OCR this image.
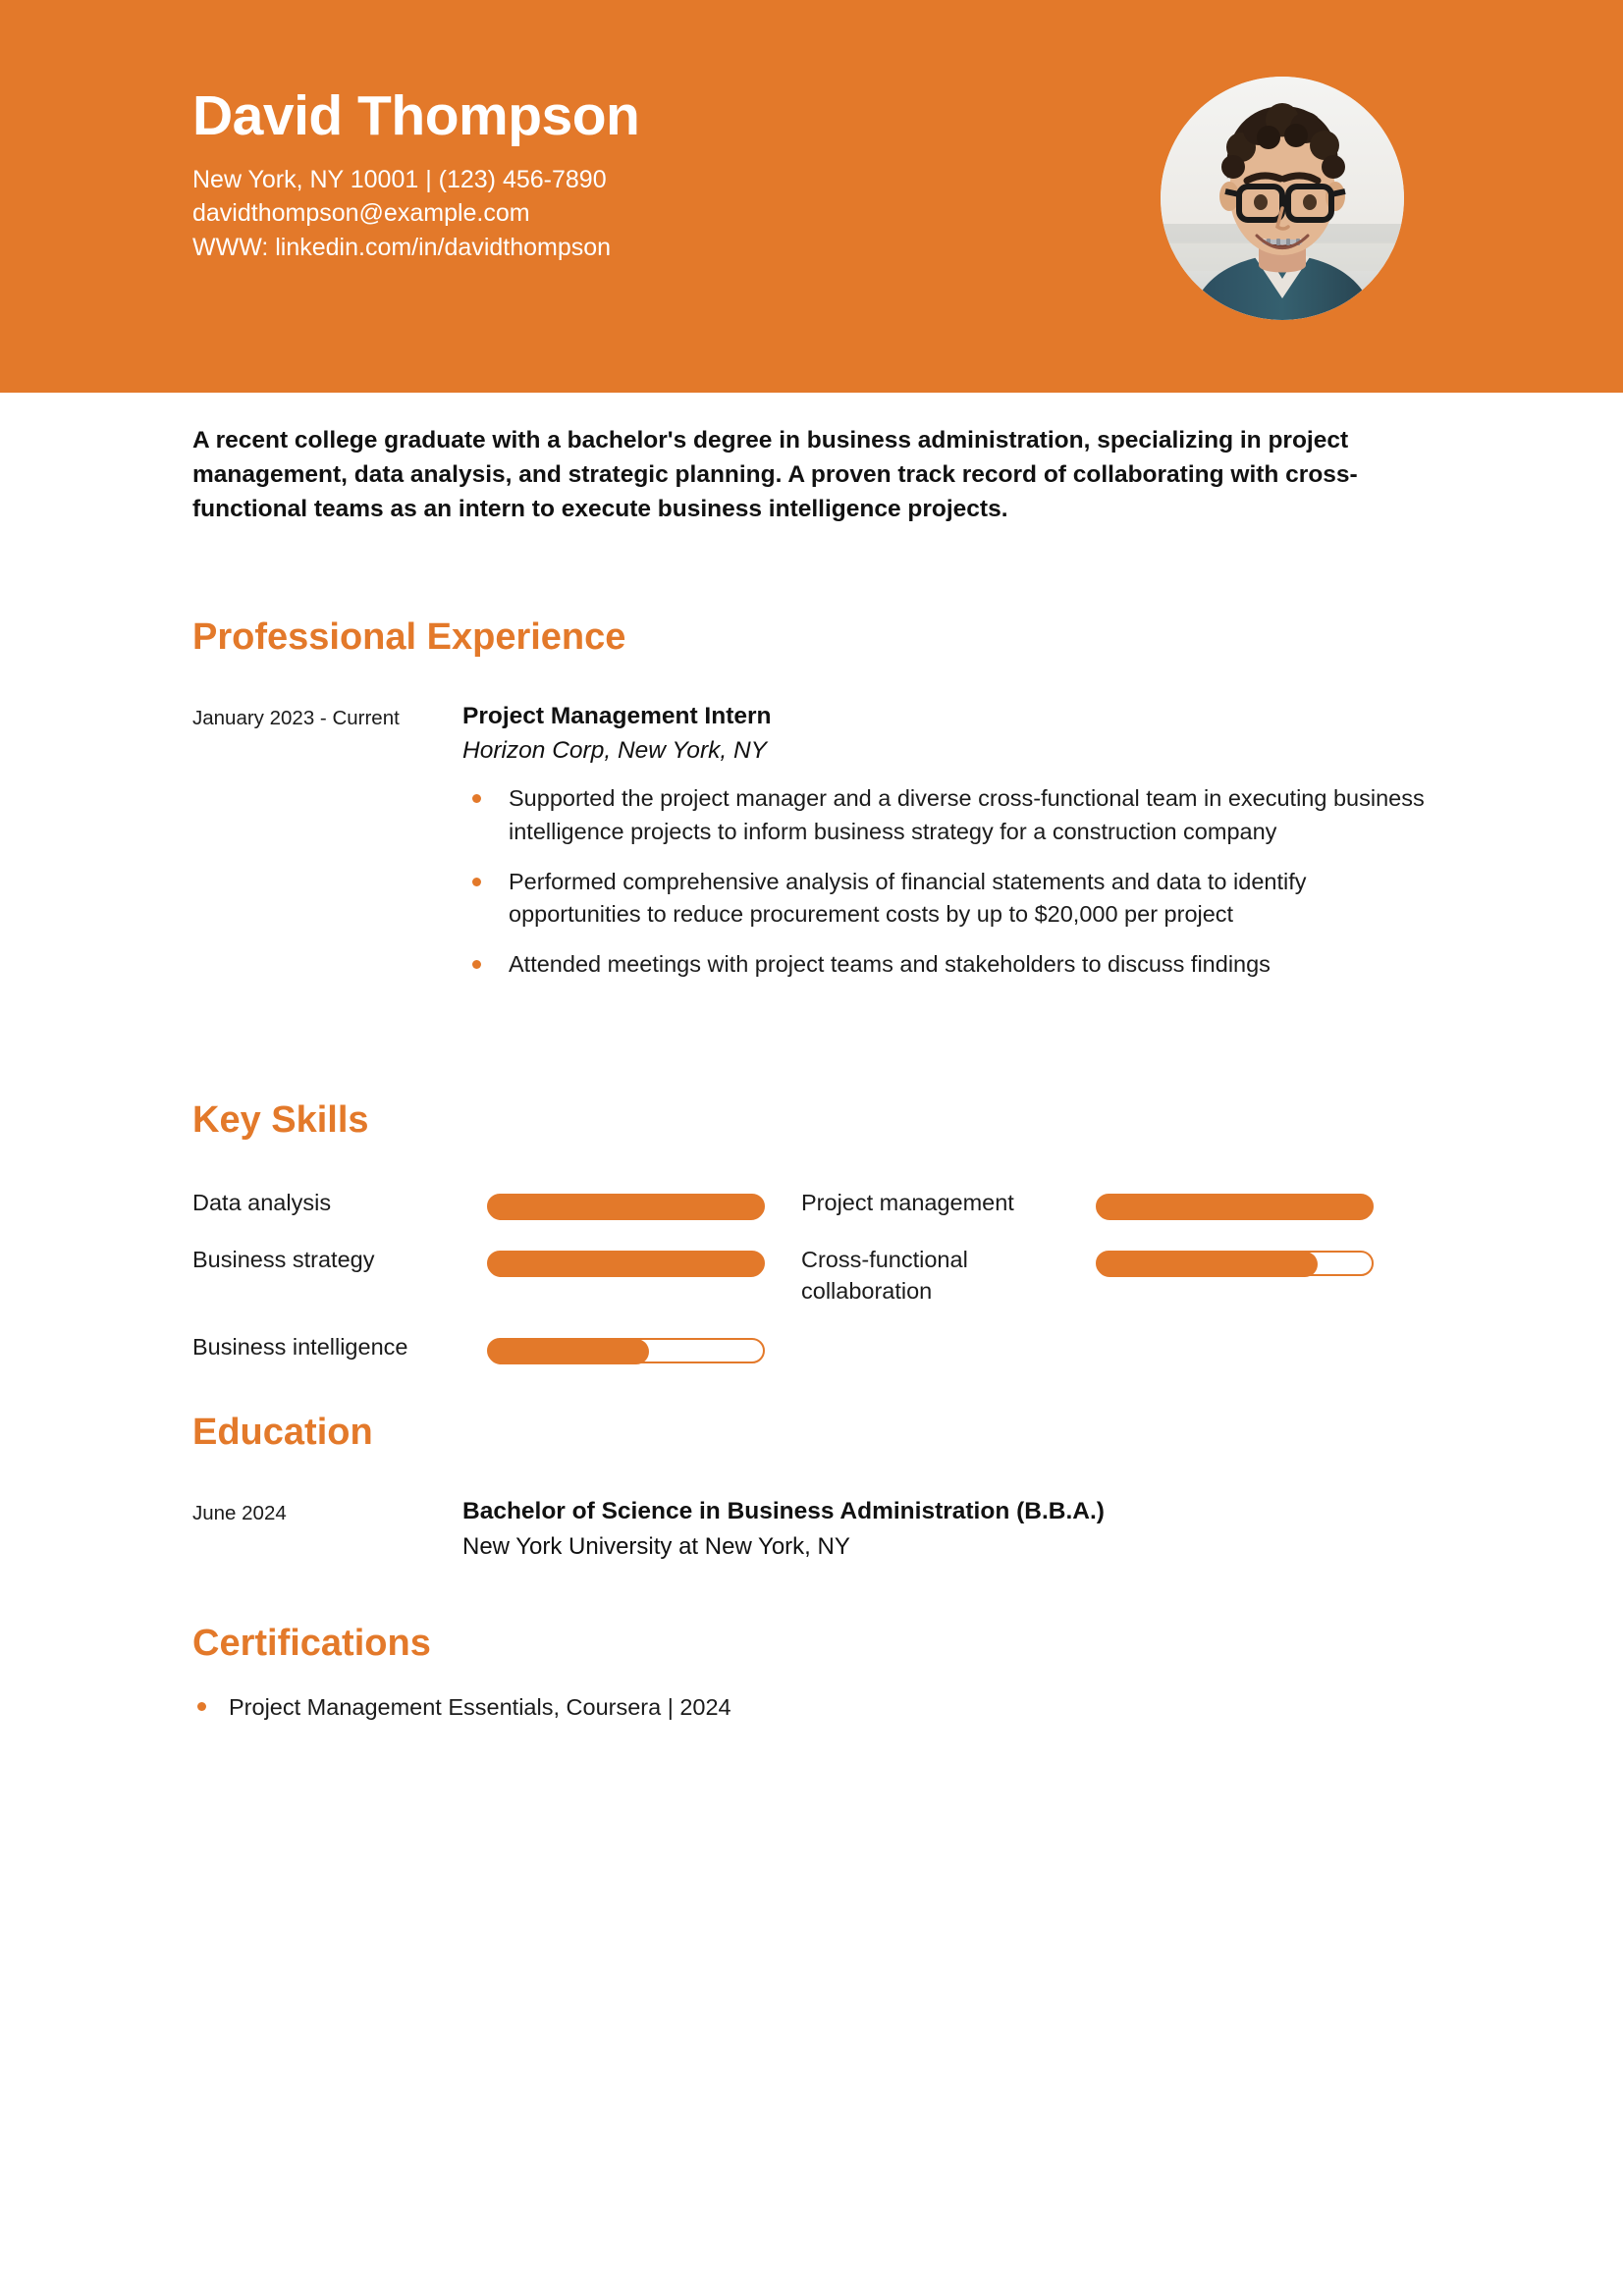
David Thompson
New York, NY 10001 | (123) 456-7890
davidthompson@example.com
WWW: linkedin.com/in/davidthompson
A recent college graduate with a bachelor's degree in business administration, specializing in project management, data analysis, and strategic planning. A proven track record of collaborating with cross-functional teams as an intern to execute business intelligence projects.
Professional Experience
January 2023 - Current	Project Management Intern
Horizon Corp, New York, NY
Supported the project manager and a diverse cross-functional team in executing business intelligence projects to inform business strategy for a construction company
Performed comprehensive analysis of financial statements and data to identify opportunities to reduce procurement costs by up to $20,000 per project
Attended meetings with project teams and stakeholders to discuss findings
Key Skills
Data analysis	Project management
Business strategy	Cross-functional collaboration
Business intelligence
Education
June 2024	Bachelor of Science in Business Administration (B.B.A.)
New York University at New York, NY
Certifications
Project Management Essentials, Coursera | 2024
